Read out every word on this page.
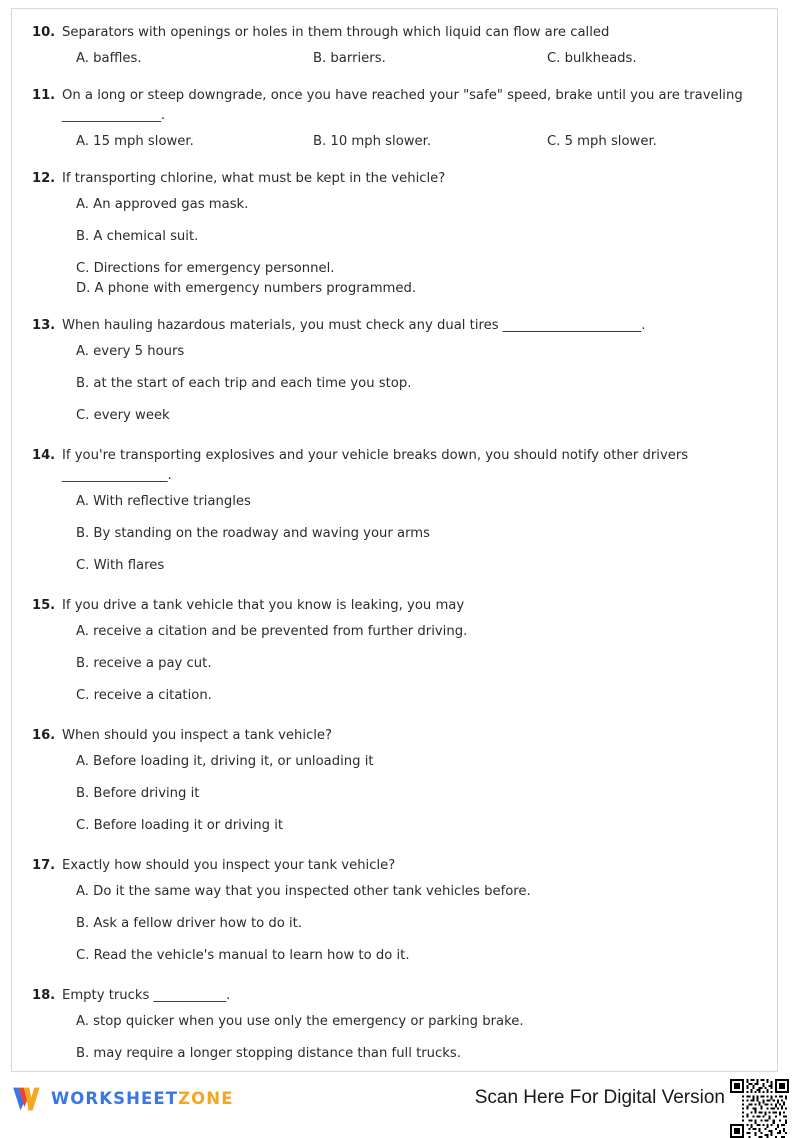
10. Separators with openings or holes in them through which liquid can flow are called
A. baffles.	B. barriers.	C. bulkheads.
11. On a long or steep downgrade, once you have reached your "safe" speed, brake until you are traveling _______________.
A. 15 mph slower.	B. 10 mph slower.	C. 5 mph slower.
12. If transporting chlorine, what must be kept in the vehicle?
A. An approved gas mask.
B. A chemical suit.
C. Directions for emergency personnel.
D. A phone with emergency numbers programmed.
13. When hauling hazardous materials, you must check any dual tires _____________________.
A. every 5 hours
B. at the start of each trip and each time you stop.
C. every week
14. If you're transporting explosives and your vehicle breaks down, you should notify other drivers ________________.
A. With reflective triangles
B. By standing on the roadway and waving your arms
C. With flares
15. If you drive a tank vehicle that you know is leaking, you may
A. receive a citation and be prevented from further driving.
B. receive a pay cut.
C. receive a citation.
16. When should you inspect a tank vehicle?
A. Before loading it, driving it, or unloading it
B. Before driving it
C. Before loading it or driving it
17. Exactly how should you inspect your tank vehicle?
A. Do it the same way that you inspected other tank vehicles before.
B. Ask a fellow driver how to do it.
C. Read the vehicle's manual to learn how to do it.
18. Empty trucks ___________.
A. stop quicker when you use only the emergency or parking brake.
B. may require a longer stopping distance than full trucks.
WORKSHEETZONE	Scan Here For Digital Version
